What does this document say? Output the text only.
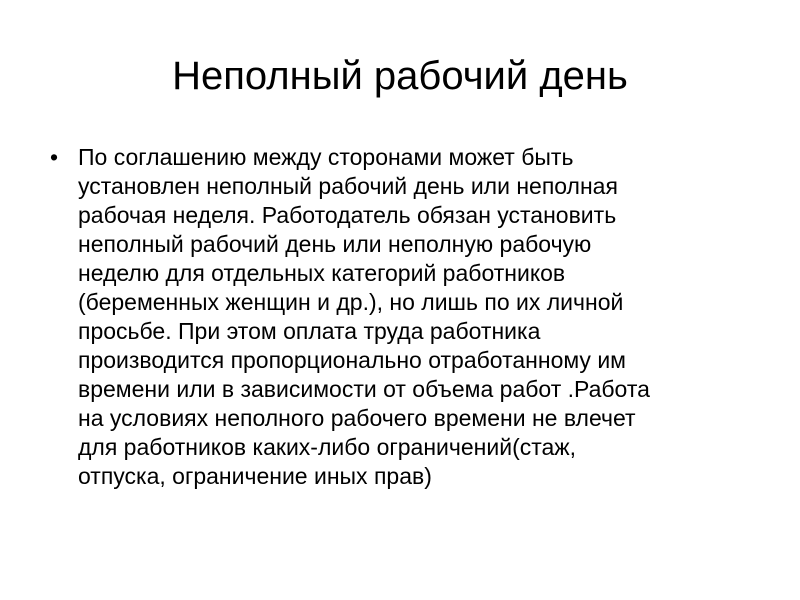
Неполный рабочий день
• По соглашению между сторонами может быть
установлен неполный рабочий день или неполная
рабочая неделя. Работодатель обязан установить
неполный рабочий день или неполную рабочую
неделю для отдельных категорий работников
(беременных женщин и др.), но лишь по их личной
просьбе. При этом оплата труда работника
производится пропорционально отработанному им
времени или в зависимости от объема работ .Работа
на условиях неполного рабочего времени не влечет
для работников каких-либо ограничений(стаж,
отпуска, ограничение иных прав)
